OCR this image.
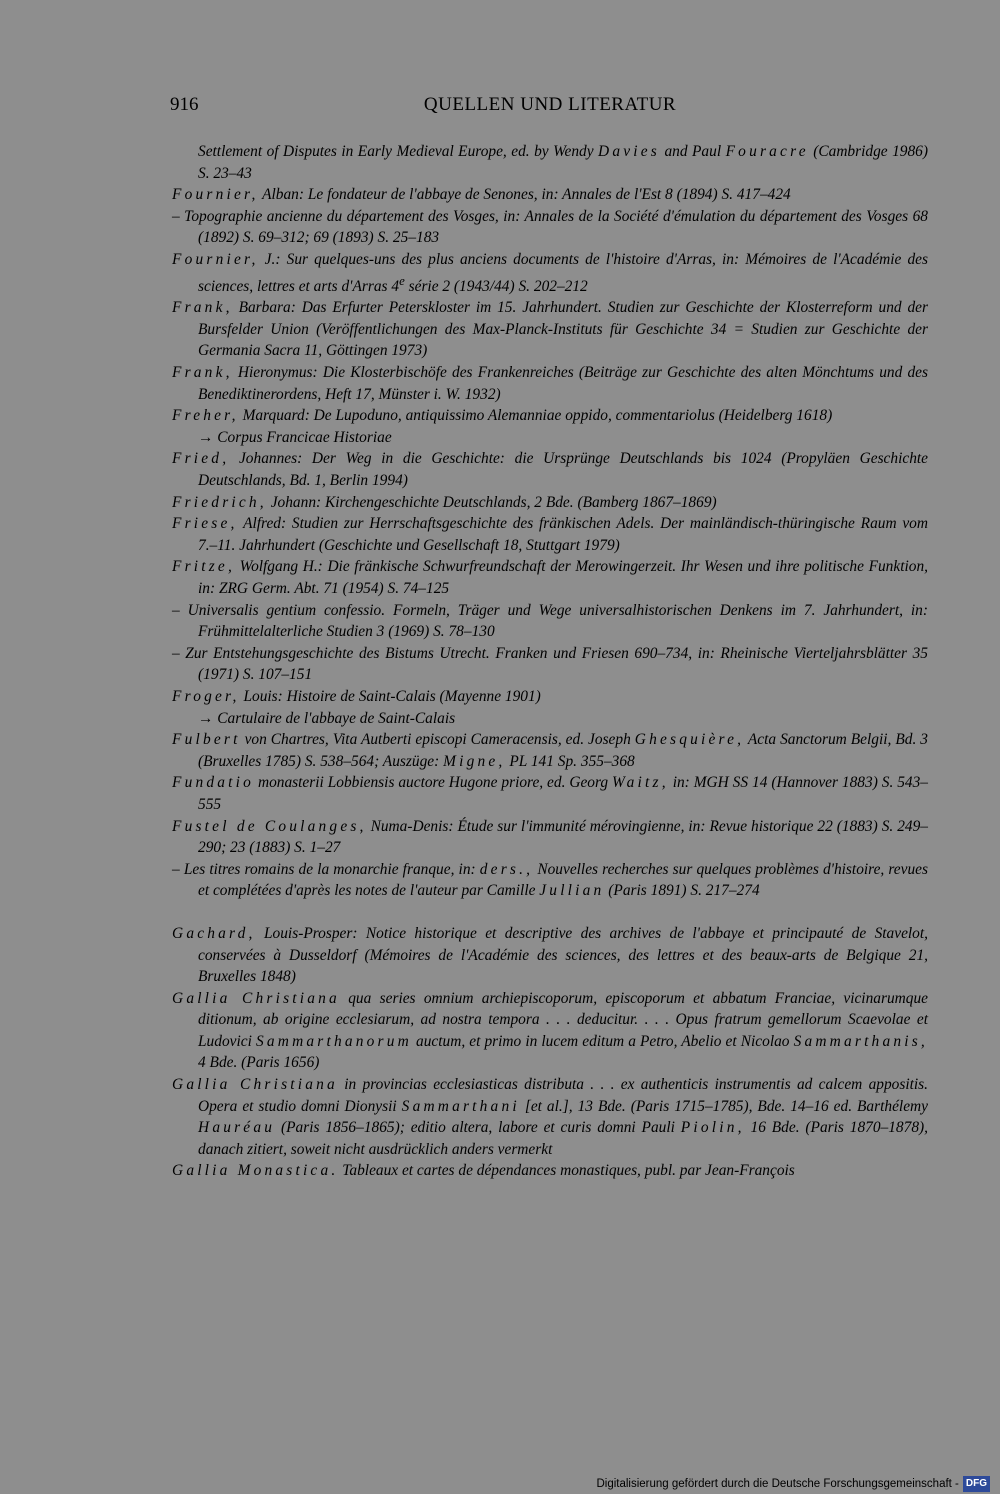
916	QUELLEN UND LITERATUR

Settlement of Disputes in Early Medieval Europe, ed. by Wendy Davies and Paul Fouracre (Cambridge 1986) S. 23–43

Fournier, Alban: Le fondateur de l'abbaye de Senones, in: Annales de l'Est 8 (1894) S. 417–424

– Topographie ancienne du département des Vosges, in: Annales de la Société d'émulation du département des Vosges 68 (1892) S. 69–312; 69 (1893) S. 25–183

Fournier, J.: Sur quelques-uns des plus anciens documents de l'histoire d'Arras, in: Mémoires de l'Académie des sciences, lettres et arts d'Arras 4e série 2 (1943/44) S. 202–212

Frank, Barbara: Das Erfurter Peterskloster im 15. Jahrhundert. Studien zur Geschichte der Klosterreform und der Bursfelder Union (Veröffentlichungen des Max-Planck-Instituts für Geschichte 34 = Studien zur Geschichte der Germania Sacra 11, Göttingen 1973)

Frank, Hieronymus: Die Klosterbischöfe des Frankenreiches (Beiträge zur Geschichte des alten Mönchtums und des Benediktinerordens, Heft 17, Münster i. W. 1932)

Freher, Marquard: De Lupoduno, antiquissimo Alemanniae oppido, commentariolus (Heidelberg 1618)

→ Corpus Francicae Historiae

Fried, Johannes: Der Weg in die Geschichte: die Ursprünge Deutschlands bis 1024 (Propyläen Geschichte Deutschlands, Bd. 1, Berlin 1994)

Friedrich, Johann: Kirchengeschichte Deutschlands, 2 Bde. (Bamberg 1867–1869)

Friese, Alfred: Studien zur Herrschaftsgeschichte des fränkischen Adels. Der mainländisch-thüringische Raum vom 7.–11. Jahrhundert (Geschichte und Gesellschaft 18, Stuttgart 1979)

Fritze, Wolfgang H.: Die fränkische Schwurfreundschaft der Merowingerzeit. Ihr Wesen und ihre politische Funktion, in: ZRG Germ. Abt. 71 (1954) S. 74–125

– Universalis gentium confessio. Formeln, Träger und Wege universalhistorischen Denkens im 7. Jahrhundert, in: Frühmittelalterliche Studien 3 (1969) S. 78–130

– Zur Entstehungsgeschichte des Bistums Utrecht. Franken und Friesen 690–734, in: Rheinische Vierteljahrsblätter 35 (1971) S. 107–151

Froger, Louis: Histoire de Saint-Calais (Mayenne 1901)

→ Cartulaire de l'abbaye de Saint-Calais

Fulbert von Chartres, Vita Autberti episcopi Cameracensis, ed. Joseph Ghesquière, Acta Sanctorum Belgii, Bd. 3 (Bruxelles 1785) S. 538–564; Auszüge: Migne, PL 141 Sp. 355–368

Fundatio monasterii Lobbiensis auctore Hugone priore, ed. Georg Waitz, in: MGH SS 14 (Hannover 1883) S. 543–555

Fustel de Coulanges, Numa-Denis: Étude sur l'immunité mérovingienne, in: Revue historique 22 (1883) S. 249–290; 23 (1883) S. 1–27

– Les titres romains de la monarchie franque, in: ders., Nouvelles recherches sur quelques problèmes d'histoire, revues et complétées d'après les notes de l'auteur par Camille Jullian (Paris 1891) S. 217–274

Gachard, Louis-Prosper: Notice historique et descriptive des archives de l'abbaye et principauté de Stavelot, conservées à Dusseldorf (Mémoires de l'Académie des sciences, des lettres et des beaux-arts de Belgique 21, Bruxelles 1848)

Gallia Christiana qua series omnium archiepiscoporum, episcoporum et abbatum Franciae, vicinarumque ditionum, ab origine ecclesiarum, ad nostra tempora . . . deducitur. . . . Opus fratrum gemellorum Scaevolae et Ludovici Sammarthanorum auctum, et primo in lucem editum a Petro, Abelio et Nicolao Sammarthanis, 4 Bde. (Paris 1656)

Gallia Christiana in provincias ecclesiasticas distributa . . . ex authenticis instrumentis ad calcem appositis. Opera et studio domni Dionysii Sammarthani [et al.], 13 Bde. (Paris 1715–1785), Bde. 14–16 ed. Barthélemy Hauréau (Paris 1856–1865); editio altera, labore et curis domni Pauli Piolin, 16 Bde. (Paris 1870–1878), danach zitiert, soweit nicht ausdrücklich anders vermerkt

Gallia Monastica. Tableaux et cartes de dépendances monastiques, publ. par Jean-François

Digitalisierung gefördert durch die Deutsche Forschungsgemeinschaft - DFG
